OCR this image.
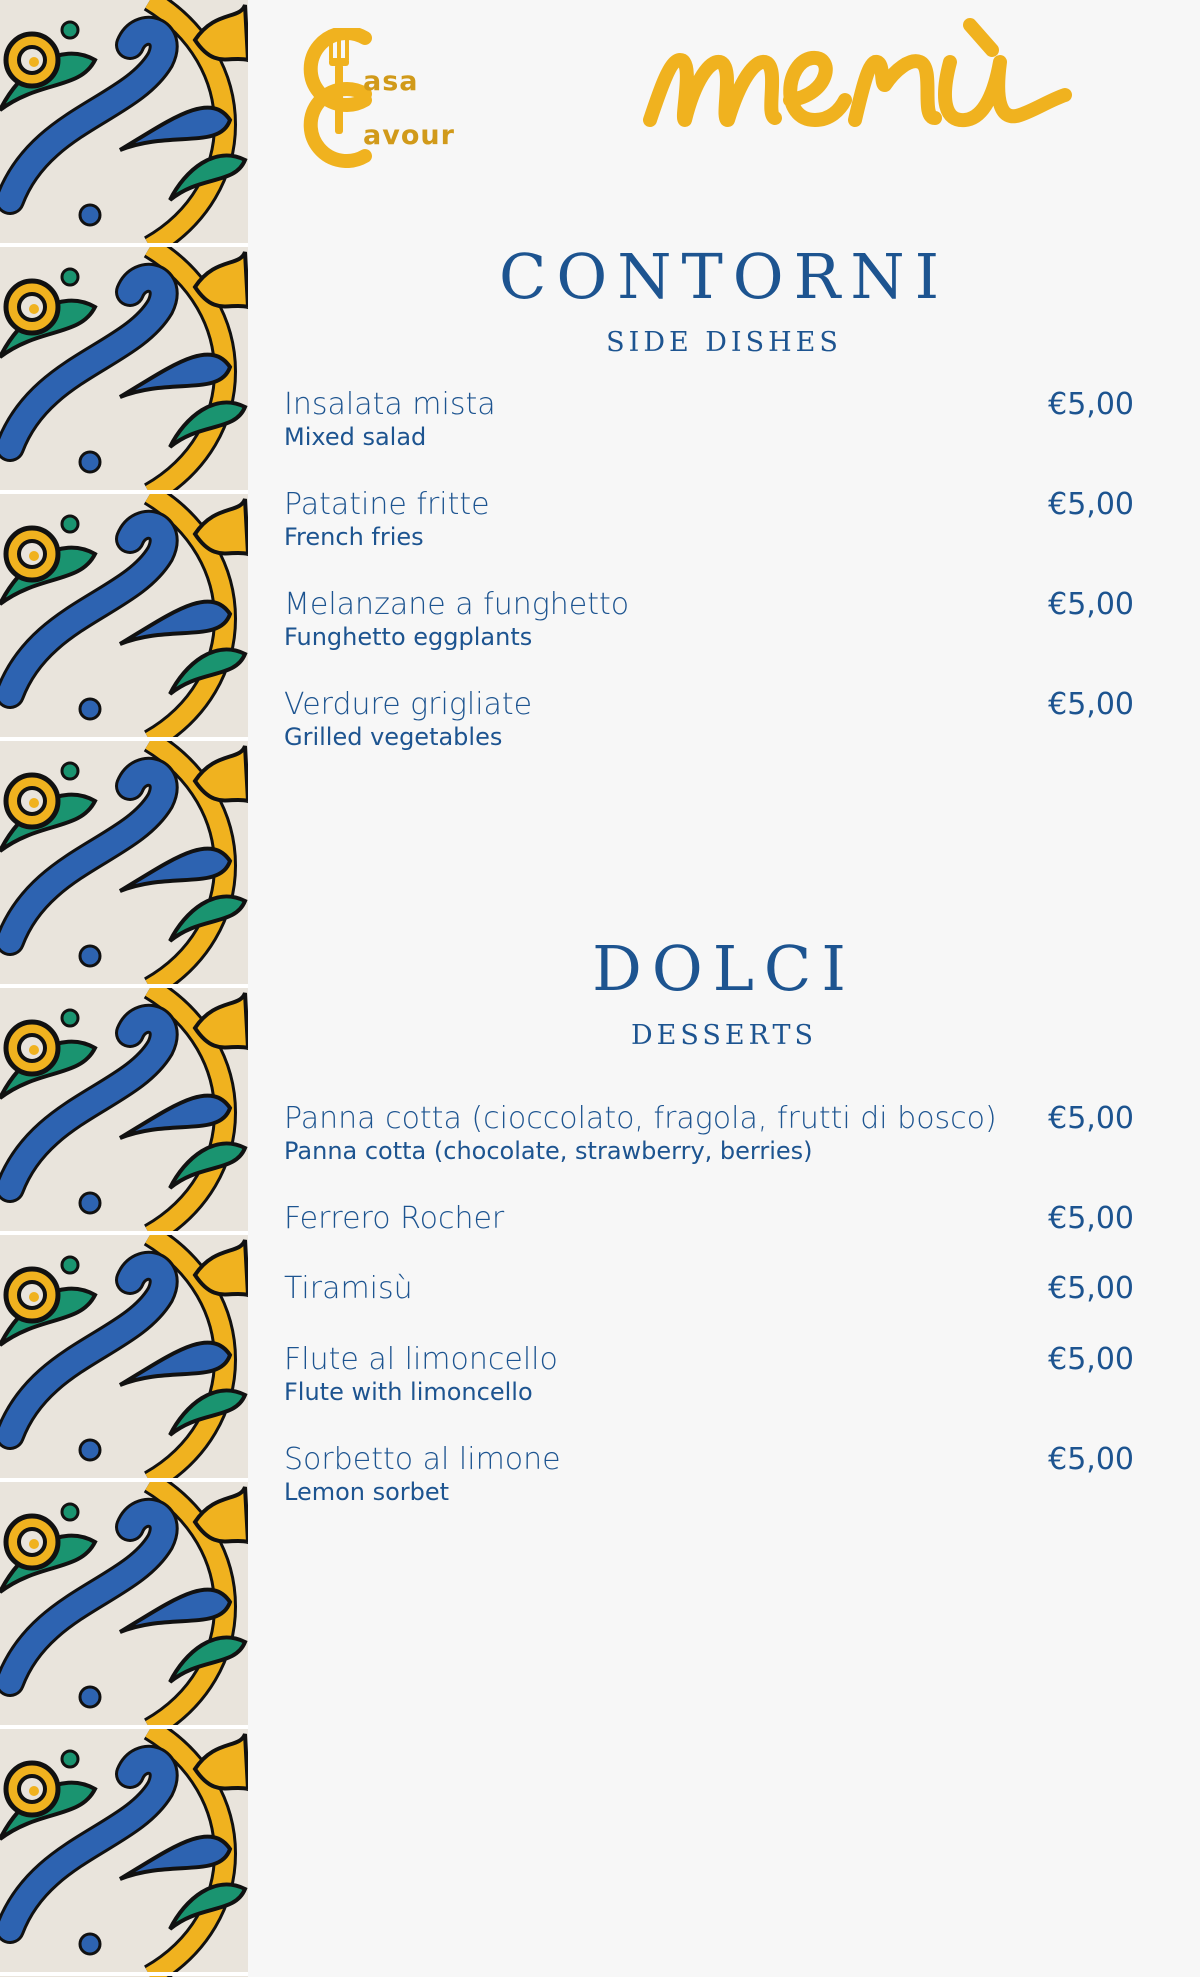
asa
avour
CONTORNI
SIDE DISHES
Insalata mista
Mixed salad
€5,00
Patatine fritte
French fries
€5,00
Melanzane a funghetto
Funghetto eggplants
€5,00
Verdure grigliate
Grilled vegetables
€5,00
DOLCI
DESSERTS
Panna cotta (cioccolato, fragola, frutti di bosco)
Panna cotta (chocolate, strawberry, berries)
€5,00
Ferrero Rocher	€5,00
Tiramisù	€5,00
Flute al limoncello
Flute with limoncello
€5,00
Sorbetto al limone
Lemon sorbet
€5,00
